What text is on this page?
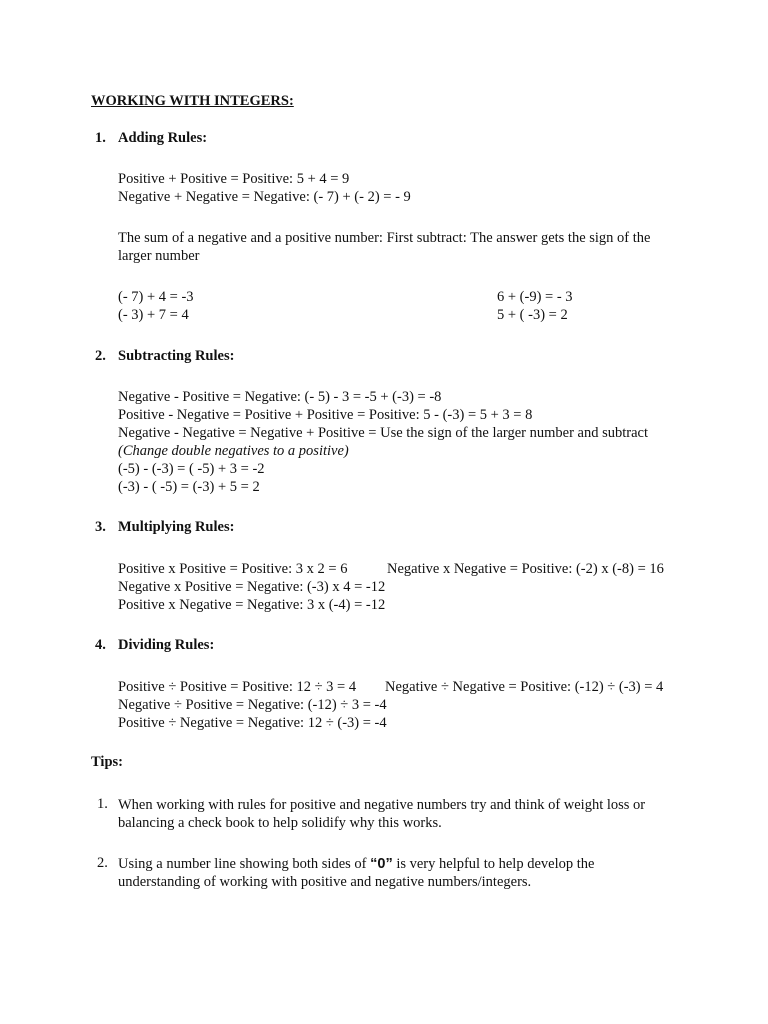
WORKING WITH INTEGERS:
1. Adding Rules:
Positive + Positive = Positive: 5 + 4 = 9
Negative + Negative = Negative: (- 7) + (- 2) = - 9
The sum of a negative and a positive number: First subtract: The answer gets the sign of the larger number
(- 7) + 4 = -3
(- 3) + 7 = 4
6 + (-9) = - 3
5 + ( -3) = 2
2. Subtracting Rules:
Negative - Positive = Negative: (- 5) - 3 = -5 + (-3) = -8
Positive - Negative = Positive + Positive = Positive: 5 - (-3) = 5 + 3 = 8
Negative - Negative = Negative + Positive = Use the sign of the larger number and subtract
(Change double negatives to a positive)
(-5) - (-3) = ( -5) + 3 = -2
(-3) - ( -5) = (-3) + 5 = 2
3. Multiplying Rules:
Positive x Positive = Positive: 3 x 2 = 6	Negative x Negative = Positive: (-2) x (-8) = 16
Negative x Positive = Negative: (-3) x 4 = -12
Positive x Negative = Negative: 3 x (-4) = -12
4. Dividing Rules:
Positive ÷ Positive = Positive: 12 ÷ 3 = 4 Negative ÷ Negative = Positive: (-12) ÷ (-3) = 4
Negative ÷ Positive = Negative: (-12) ÷ 3 = -4
Positive ÷ Negative = Negative: 12 ÷ (-3) = -4
Tips:
1. When working with rules for positive and negative numbers try and think of weight loss or balancing a check book to help solidify why this works.
2. Using a number line showing both sides of “0” is very helpful to help develop the understanding of working with positive and negative numbers/integers.
